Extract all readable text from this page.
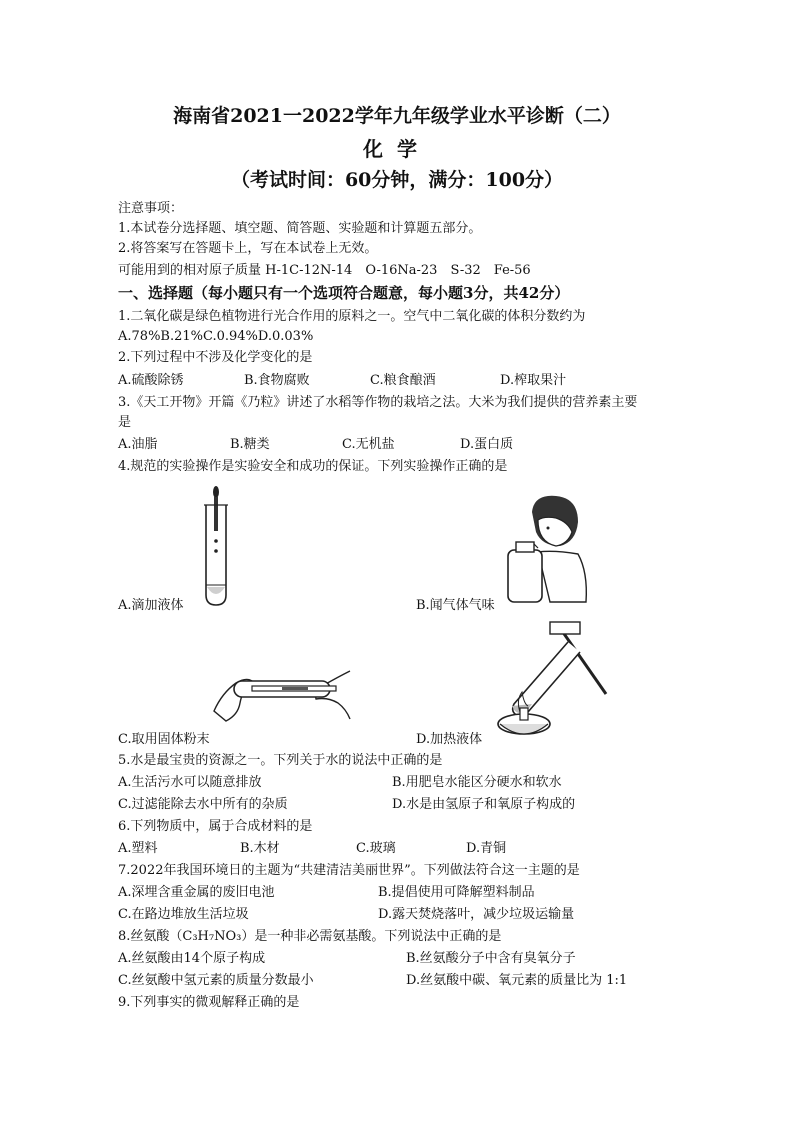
海南省2021一2022学年九年级学业水平诊断（二）
化学
（考试时间：60分钟，满分：100分）
注意事项：
1.本试卷分选择题、填空题、简答题、实验题和计算题五部分。
2.将答案写在答题卡上，写在本试卷上无效。
可能用到的相对原子质量 H-1C-12N-14　O-16Na-23　S-32　Fe-56
一、选择题（每小题只有一个选项符合题意，每小题3分，共42分）
1.二氧化碳是绿色植物进行光合作用的原料之一。空气中二氧化碳的体积分数约为
A.78%B.21%C.0.94%D.0.03%
2.下列过程中不涉及化学变化的是
A.硫酸除锈	B.食物腐败	C.粮食酿酒	D.榨取果汁
3.《天工开物》开篇《乃粒》讲述了水稻等作物的栽培之法。大米为我们提供的营养素主要
是
A.油脂	B.糖类	C.无机盐	D.蛋白质
4.规范的实验操作是实验安全和成功的保证。下列实验操作正确的是
A.滴加液体	B.闻气体气味
C.取用固体粉末	D.加热液体
5.水是最宝贵的资源之一。下列关于水的说法中正确的是
A.生活污水可以随意排放	B.用肥皂水能区分硬水和软水
C.过滤能除去水中所有的杂质	D.水是由氢原子和氧原子构成的
6.下列物质中，属于合成材料的是
A.塑料	B.木材	C.玻璃	D.青铜
7.2022年我国环境日的主题为“共建清洁美丽世界”。下列做法符合这一主题的是
A.深埋含重金属的废旧电池	B.提倡使用可降解塑料制品
C.在路边堆放生活垃圾	D.露天焚烧落叶，减少垃圾运输量
8.丝氨酸（C₃H₇NO₃）是一种非必需氨基酸。下列说法中正确的是
A.丝氨酸由14个原子构成	B.丝氨酸分子中含有臭氧分子
C.丝氨酸中氢元素的质量分数最小	D.丝氨酸中碳、氧元素的质量比为 1:1
9.下列事实的微观解释正确的是
